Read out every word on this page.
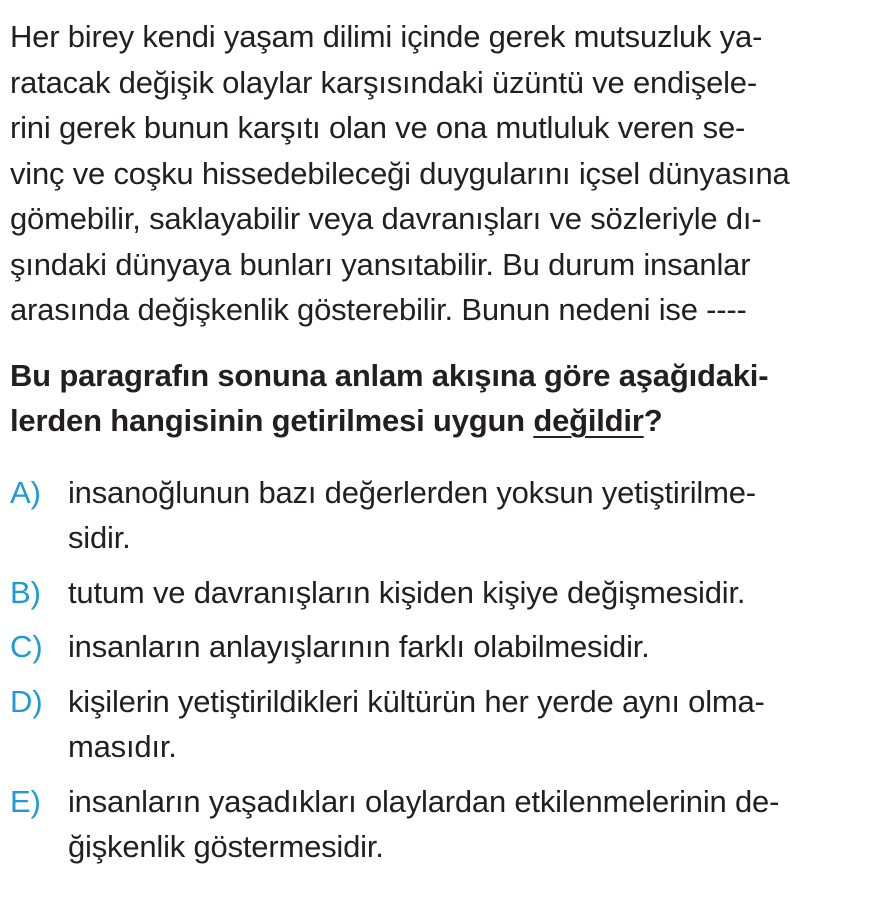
Her birey kendi yaşam dilimi içinde gerek mutsuzluk ya-
ratacak değişik olaylar karşısındaki üzüntü ve endişele-
rini gerek bunun karşıtı olan ve ona mutluluk veren se-
vinç ve coşku hissedebileceği duygularını içsel dünyasına
gömebilir, saklayabilir veya davranışları ve sözleriyle dı-
şındaki dünyaya bunları yansıtabilir. Bu durum insanlar
arasında değişkenlik gösterebilir. Bunun nedeni ise ----
Bu paragrafın sonuna anlam akışına göre aşağıdaki-
lerden hangisinin getirilmesi uygun değildir?
A) insanoğlunun bazı değerlerden yoksun yetiştirilme-
sidir.
B) tutum ve davranışların kişiden kişiye değişmesidir.
C) insanların anlayışlarının farklı olabilmesidir.
D) kişilerin yetiştirildikleri kültürün her yerde aynı olma-
masıdır.
E) insanların yaşadıkları olaylardan etkilenmelerinin de-
ğişkenlik göstermesidir.
